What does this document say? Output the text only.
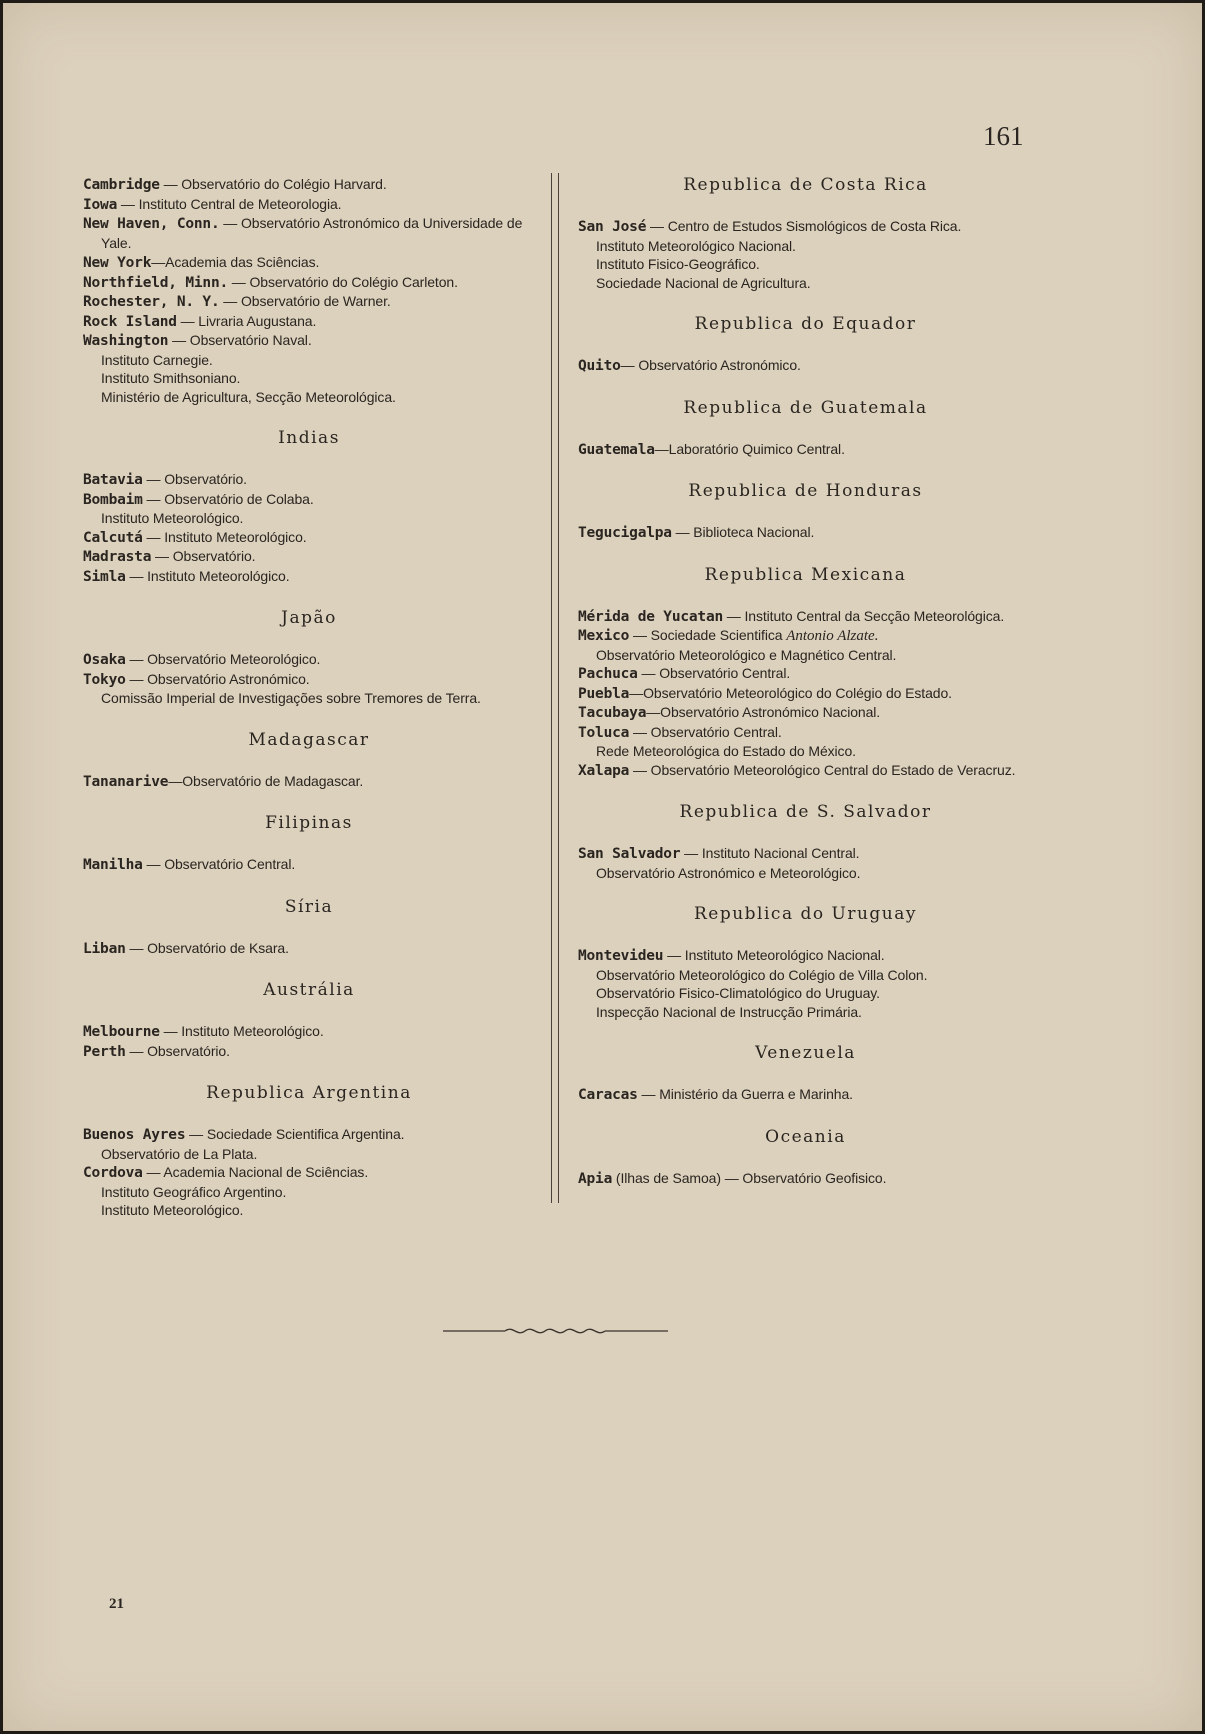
161
Cambridge — Observatório do Colégio Harvard.
Iowa — Instituto Central de Meteorologia.
New Haven, Conn. — Observatório Astronómico da Universidade de Yale.
New York—Academia das Sciências.
Northfield, Minn. — Observatório do Colégio Carleton.
Rochester, N. Y. — Observatório de Warner.
Rock Island — Livraria Augustana.
Washington — Observatório Naval.
Instituto Carnegie.
Instituto Smithsoniano.
Ministério de Agricultura, Secção Meteorológica.
Indias
Batavia — Observatório.
Bombaim — Observatório de Colaba.
Instituto Meteorológico.
Calcutá — Instituto Meteorológico.
Madrasta — Observatório.
Simla — Instituto Meteorológico.
Japão
Osaka — Observatório Meteorológico.
Tokyo — Observatório Astronómico.
Comissão Imperial de Investigações sobre Tremores de Terra.
Madagascar
Tananarive—Observatório de Madagascar.
Filipinas
Manilha — Observatório Central.
Síria
Liban — Observatório de Ksara.
Austrália
Melbourne — Instituto Meteorológico.
Perth — Observatório.
Republica Argentina
Buenos Ayres — Sociedade Scientifica Argentina.
Observatório de La Plata.
Cordova — Academia Nacional de Sciências.
Instituto Geográfico Argentino.
Instituto Meteorológico.
Republica de Costa Rica
San José — Centro de Estudos Sismológicos de Costa Rica.
Instituto Meteorológico Nacional.
Instituto Fisico-Geográfico.
Sociedade Nacional de Agricultura.
Republica do Equador
Quito— Observatório Astronómico.
Republica de Guatemala
Guatemala—Laboratório Quimico Central.
Republica de Honduras
Tegucigalpa — Biblioteca Nacional.
Republica Mexicana
Mérida de Yucatan — Instituto Central da Secção Meteorológica.
Mexico — Sociedade Scientifica Antonio Alzate.
Observatório Meteorológico e Magnético Central.
Pachuca — Observatório Central.
Puebla—Observatório Meteorológico do Colégio do Estado.
Tacubaya—Observatório Astronómico Nacional.
Toluca — Observatório Central.
Rede Meteorológica do Estado do México.
Xalapa — Observatório Meteorológico Central do Estado de Veracruz.
Republica de S. Salvador
San Salvador — Instituto Nacional Central.
Observatório Astronómico e Meteorológico.
Republica do Uruguay
Montevideu — Instituto Meteorológico Nacional.
Observatório Meteorológico do Colégio de Villa Colon.
Observatório Fisico-Climatológico do Uruguay.
Inspecção Nacional de Instrucção Primária.
Venezuela
Caracas — Ministério da Guerra e Marinha.
Oceania
Apia (Ilhas de Samoa) — Observatório Geofisico.
21
